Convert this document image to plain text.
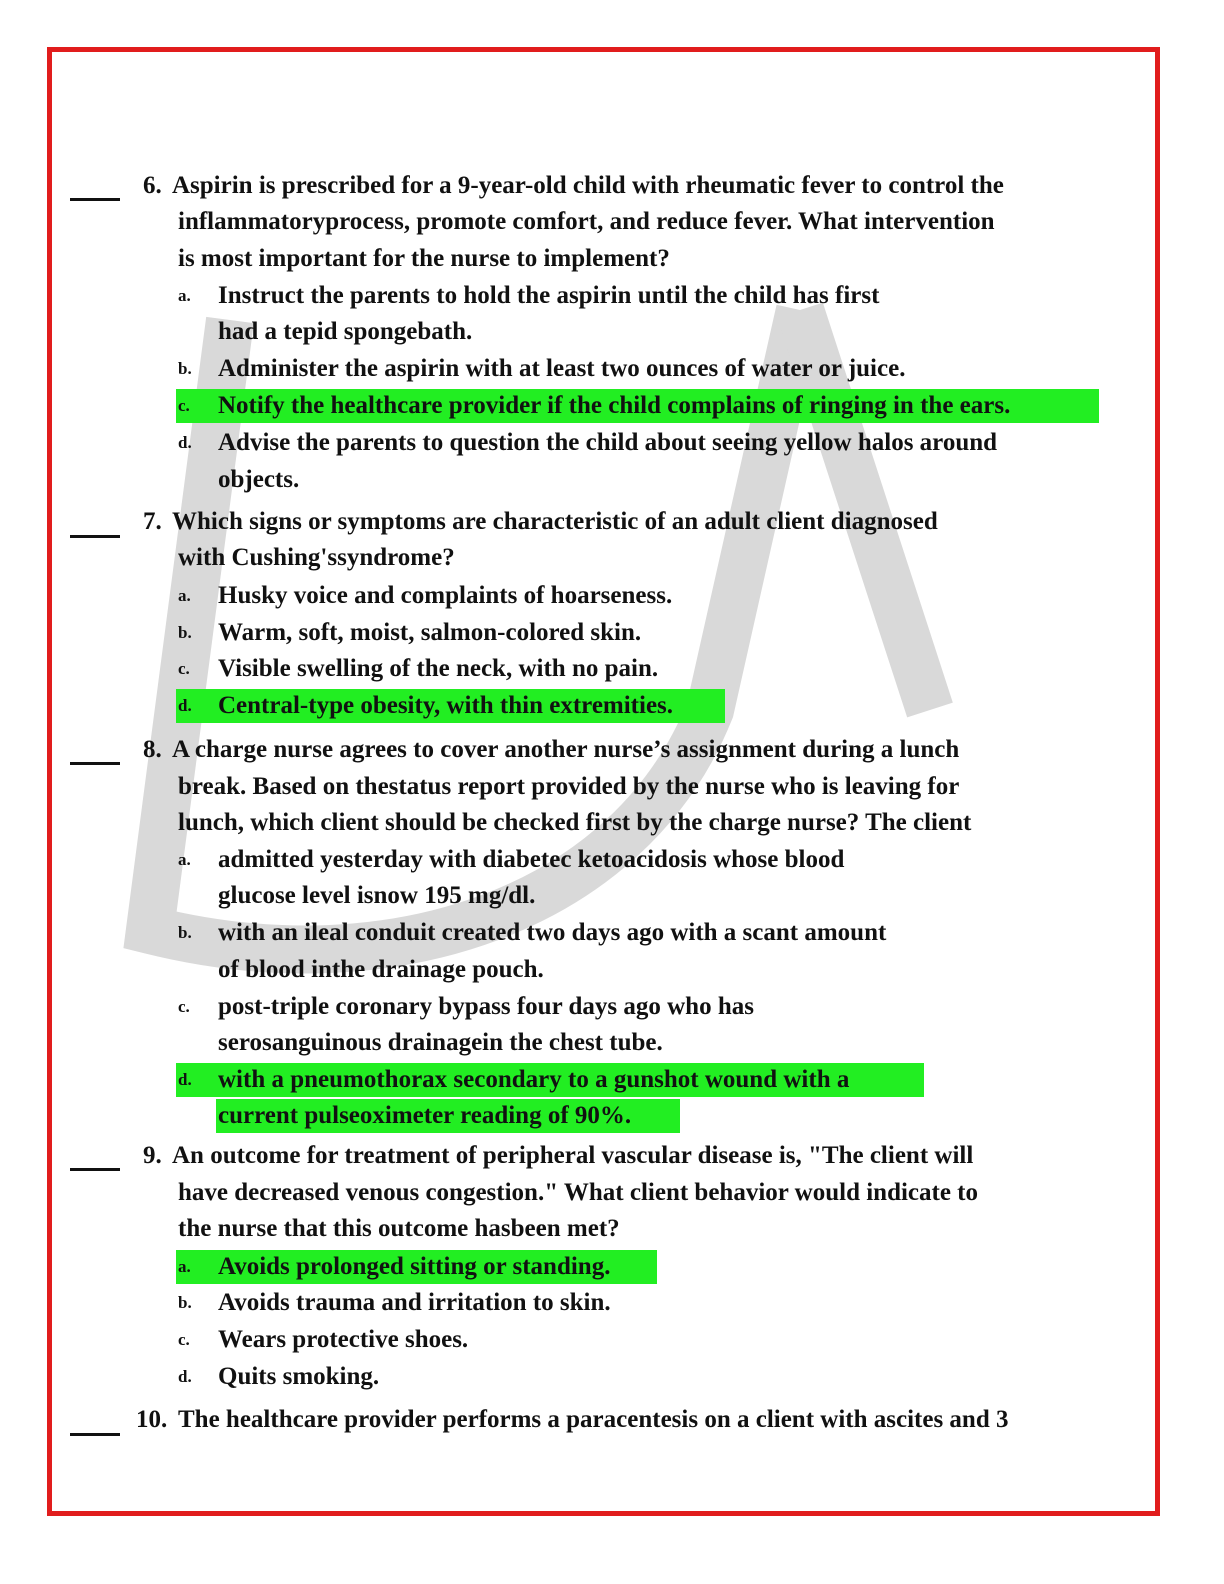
6. Aspirin is prescribed for a 9-year-old child with rheumatic fever to control the
inflammatoryprocess, promote comfort, and reduce fever. What intervention
is most important for the nurse to implement?
a. Instruct the parents to hold the aspirin until the child has first
had a tepid spongebath.
b. Administer the aspirin with at least two ounces of water or juice.
c. Notify the healthcare provider if the child complains of ringing in the ears.
d. Advise the parents to question the child about seeing yellow halos around
objects.
7. Which signs or symptoms are characteristic of an adult client diagnosed
with Cushing'ssyndrome?
a. Husky voice and complaints of hoarseness.
b. Warm, soft, moist, salmon-colored skin.
c. Visible swelling of the neck, with no pain.
d. Central-type obesity, with thin extremities.
8. A charge nurse agrees to cover another nurse’s assignment during a lunch
break. Based on thestatus report provided by the nurse who is leaving for
lunch, which client should be checked first by the charge nurse? The client
a. admitted yesterday with diabetec ketoacidosis whose blood
glucose level isnow 195 mg/dl.
b. with an ileal conduit created two days ago with a scant amount
of blood inthe drainage pouch.
c. post-triple coronary bypass four days ago who has
serosanguinous drainagein the chest tube.
d. with a pneumothorax secondary to a gunshot wound with a
current pulseoximeter reading of 90%.
9. An outcome for treatment of peripheral vascular disease is, "The client will
have decreased venous congestion." What client behavior would indicate to
the nurse that this outcome hasbeen met?
a. Avoids prolonged sitting or standing.
b. Avoids trauma and irritation to skin.
c. Wears protective shoes.
d. Quits smoking.
10. The healthcare provider performs a paracentesis on a client with ascites and 3
